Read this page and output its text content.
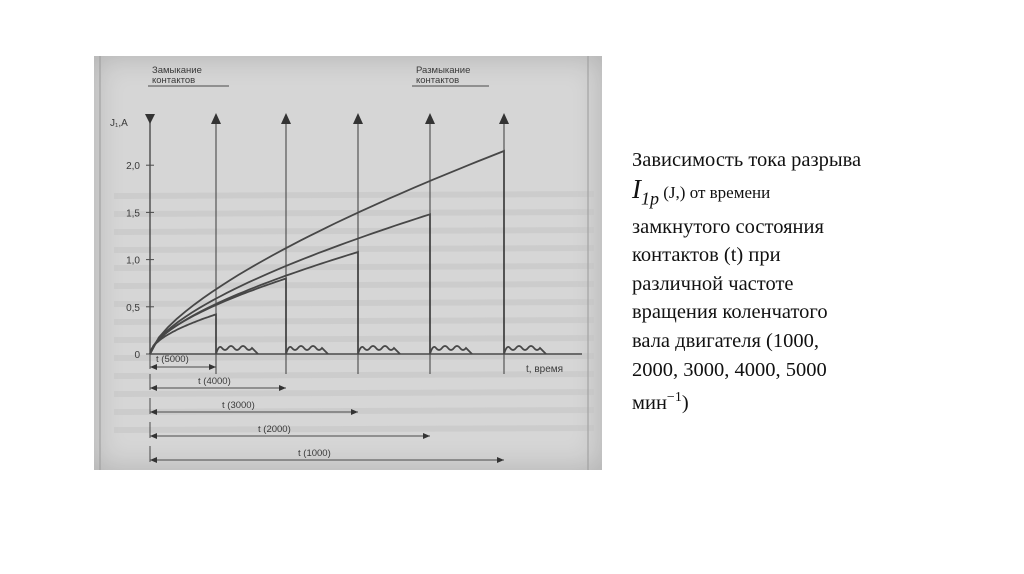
Замыкание
контактов
Размыкание
контактов
J₁,A
t, время
0
0,5
1,0
1,5
2,0
t (5000)
t (4000)
t (3000)
t (2000)
t (1000)
Зависимость тока разрыва
$I_{1p}$ (J,) от времени
замкнутого состояния
контактов (t) при
различной частоте
вращения коленчатого
вала двигателя (1000,
2000, 3000, 4000, 5000
мин$^{-1}$)
